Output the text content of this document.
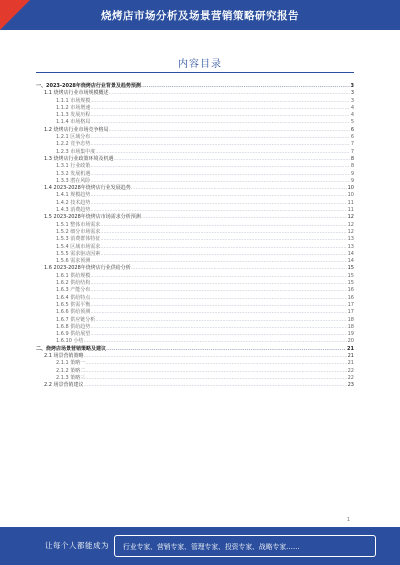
烧烤店市场分析及场景营销策略研究报告
内容目录
一、2023-2028年烧烤店行业背景及趋势预测 .....	3
1.1 烧烤店行业市场规模概述 .....	3
1.1.1 市场规模 .....	3
1.1.2 市场增速 .....	4
1.1.3 发展历程 .....	4
1.1.4 市场格局 .....	5
1.2 烧烤店行业市场竞争格局 .....	6
1.2.1 区域分布 .....	6
1.2.2 竞争态势 .....	7
1.2.3 市场集中度 .....	7
1.3 烧烤店行业政策环境及机遇 .....	8
1.3.1 行业政策 .....	8
1.3.2 发展机遇 .....	9
1.3.3 潜在风险 .....	9
1.4 2023-2028年烧烤店行业发展趋势 .....	10
1.4.1 规模趋势 .....	10
1.4.2 技术趋势 .....	11
1.4.3 消费趋势 .....	11
1.5 2023-2028年烧烤店市场需求分析预测 .....	12
1.5.1 整体市场需求 .....	12
1.5.2 细分市场需求 .....	12
1.5.3 消费群体特征 .....	13
1.5.4 区域市场需求 .....	13
1.5.5 需求驱动因素 .....	14
1.5.6 需求预测 .....	14
1.6 2023-2028年烧烤店行业供给分析 .....	15
1.6.1 供给规模 .....	15
1.6.2 供给结构 .....	15
1.6.3 产能分布 .....	16
1.6.4 供给特点 .....	16
1.6.5 供需平衡 .....	17
1.6.6 供给预测 .....	17
1.6.7 供应链分析 .....	18
1.6.8 供给趋势 .....	18
1.6.9 供给展望 .....	19
1.6.10 小结 .....	20
二、烧烤店场景营销策略及建议 .....	21
2.1 场景营销策略 .....	21
2.1.1 策略一 .....	21
2.1.2 策略二 .....	22
2.1.3 策略三 .....	22
2.2 场景营销建议 .....	23
1
让每个人都能成为 行业专家、营销专家、管理专家、投资专家、战略专家……
